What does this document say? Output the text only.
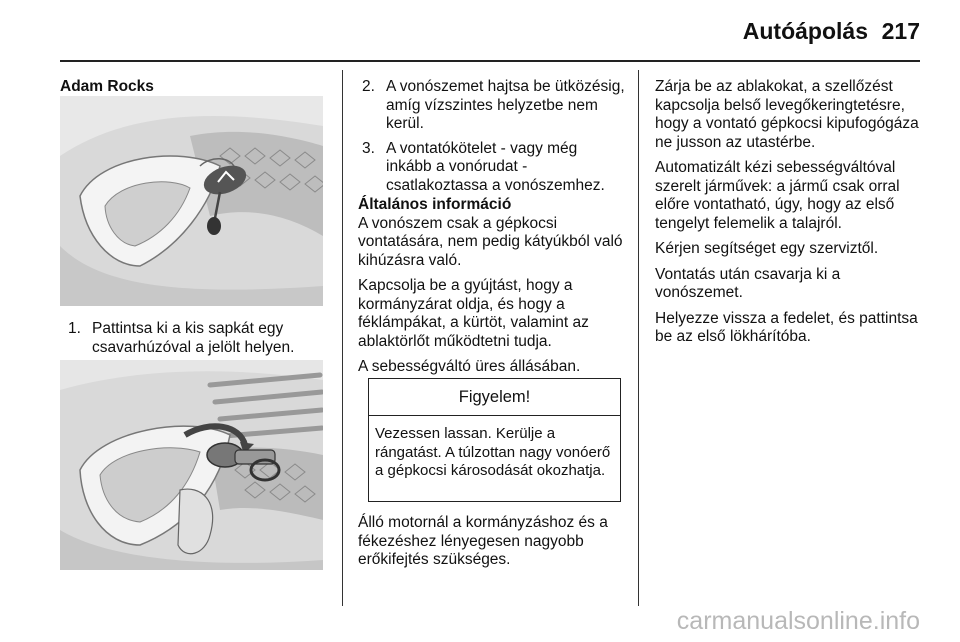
Autóápolás 217
Adam Rocks
1. Pattintsa ki a kis sapkát egy csavarhúzóval a jelölt helyen.
2. A vonószemet hajtsa be ütközésig, amíg vízszintes helyzetbe nem kerül.
3. A vontatókötelet - vagy még inkább a vonórudat - csatlakoztassa a vonószemhez.
Általános információ

A vonószem csak a gépkocsi vontatására, nem pedig kátyúkból való kihúzásra való.

Kapcsolja be a gyújtást, hogy a kormányzárat oldja, és hogy a féklámpákat, a kürtöt, valamint az ablaktörlőt működtetni tudja.

A sebességváltó üres állásában.

Figyelem!
Vezessen lassan. Kerülje a rángatást. A túlzottan nagy vonóerő a gépkocsi károsodását okozhatja.

Álló motornál a kormányzáshoz és a fékezéshez lényegesen nagyobb erőkifejtés szükséges.

Zárja be az ablakokat, a szellőzést kapcsolja belső levegőkeringtetésre, hogy a vontató gépkocsi kipufogógáza ne jusson az utastérbe.

Automatizált kézi sebességváltóval szerelt járművek: a jármű csak orral előre vontatható, úgy, hogy az első tengelyt felemelik a talajról.

Kérjen segítséget egy szerviztől.

Vontatás után csavarja ki a vonószemet.

Helyezze vissza a fedelet, és pattintsa be az első lökhárítóba.

carmanualsonline.info
